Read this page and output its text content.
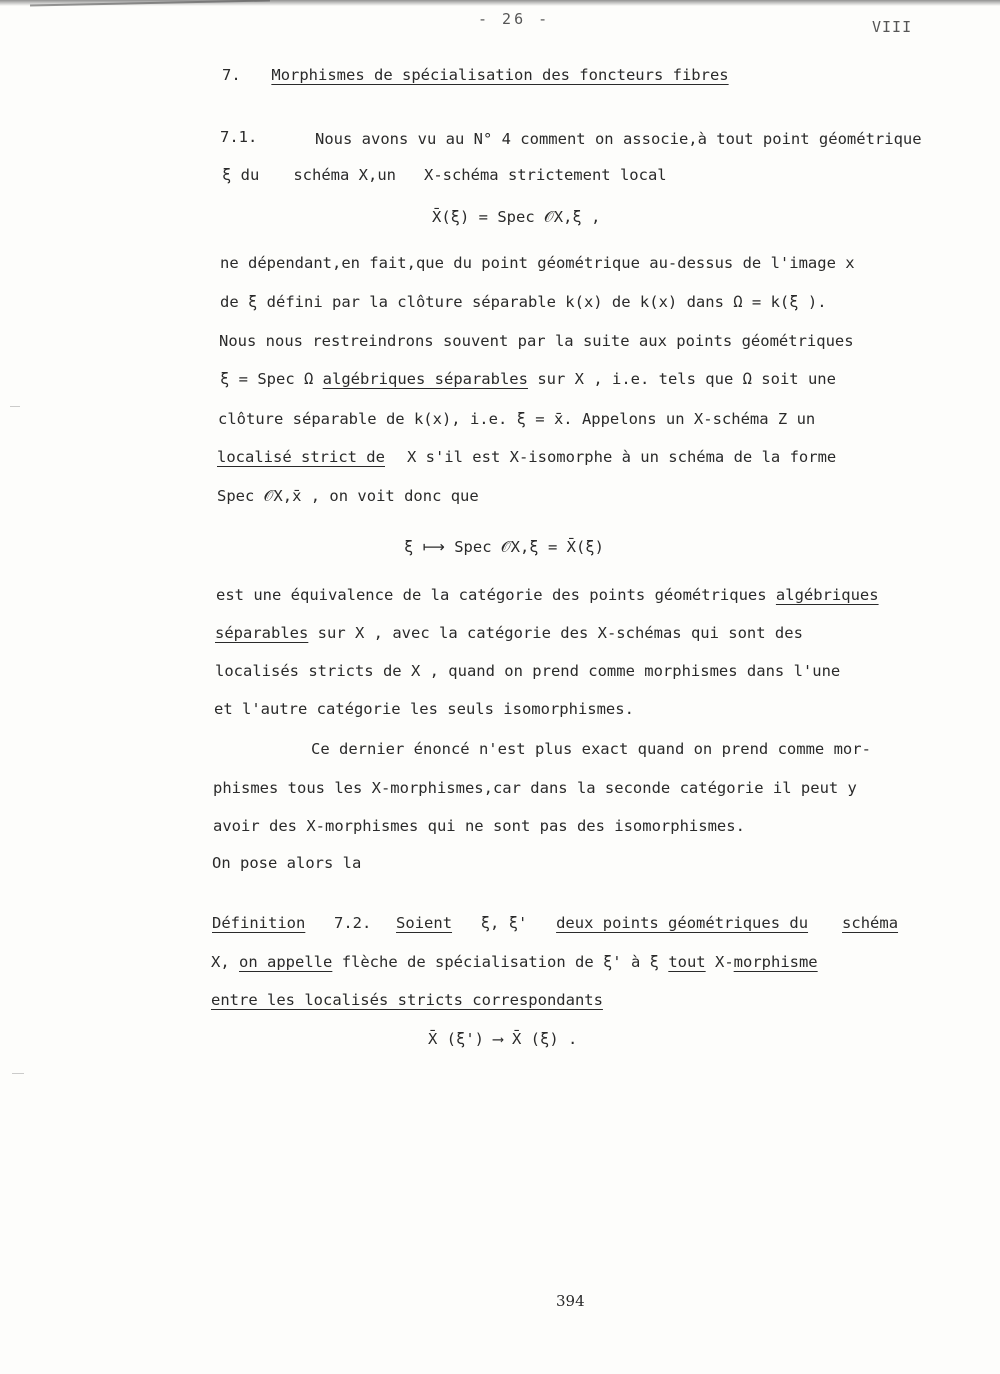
- 26 -	VIII
7. Morphismes de spécialisation des foncteurs fibres
7.1.	Nous avons vu au N° 4 comment on associe,à tout point géométrique
ξ du schéma X,un X-schéma strictement local
X̄(ξ) = Spec 𝒪X,ξ ,
ne dépendant,en fait,que du point géométrique au-dessus de l'image x
de ξ défini par la clôture séparable k(x) de k(x) dans Ω = k(ξ ).
Nous nous restreindrons souvent par la suite aux points géométriques
ξ = Spec Ω algébriques séparables sur X , i.e. tels que Ω soit une
clôture séparable de k(x), i.e. ξ = x̄. Appelons un X-schéma Z un
localisé strict de X s'il est X-isomorphe à un schéma de la forme
Spec 𝒪X,x̄ , on voit donc que
ξ ⟼ Spec 𝒪X,ξ = X̄(ξ)
est une équivalence de la catégorie des points géométriques algébriques
séparables sur X , avec la catégorie des X-schémas qui sont des
localisés stricts de X , quand on prend comme morphismes dans l'une
et l'autre catégorie les seuls isomorphismes.
Ce dernier énoncé n'est plus exact quand on prend comme mor-
phismes tous les X-morphismes,car dans la seconde catégorie il peut y
avoir des X-morphismes qui ne sont pas des isomorphismes.
On pose alors la
Définition 7.2. Soient ξ, ξ' deux points géométriques du schéma
X, on appelle flèche de spécialisation de ξ' à ξ tout X-morphisme
entre les localisés stricts correspondants
X̄ (ξ') ⟶ X̄ (ξ) .
394
